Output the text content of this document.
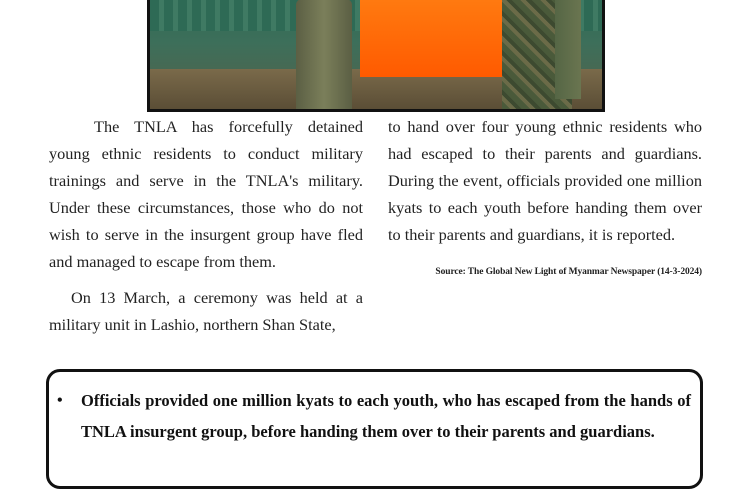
The TNLA has forcefully detained young ethnic residents to conduct military trainings and serve in the TNLA's military. Under these circumstances, those who do not wish to serve in the insurgent group have fled and managed to escape from them.

On 13 March, a ceremony was held at a military unit in Lashio, northern Shan State,

to hand over four young ethnic residents who had escaped to their parents and guardians. During the event, officials provided one million kyats to each youth before handing them over to their parents and guardians, it is reported.

Source: The Global New Light of Myanmar Newspaper (14-3-2024)
• Officials provided one million kyats to each youth, who has escaped from the hands of TNLA insurgent group, before handing them over to their parents and guardians.
